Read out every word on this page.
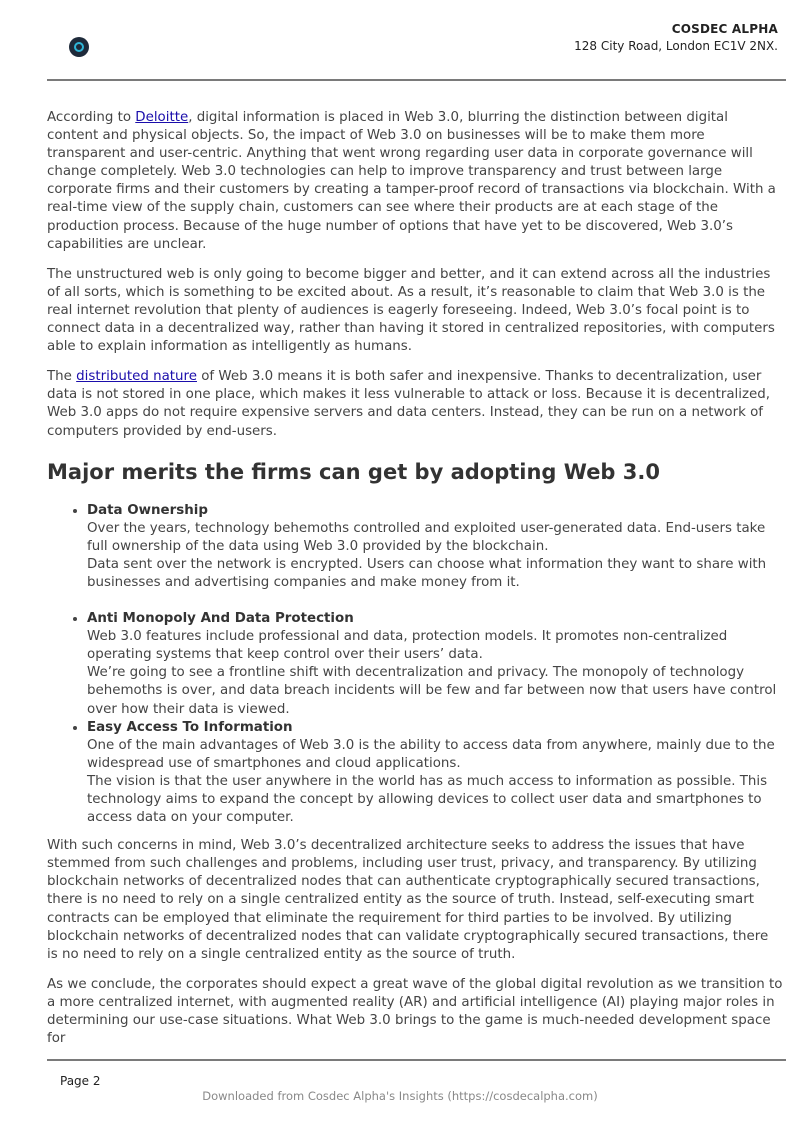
COSDEC ALPHA
128 City Road, London EC1V 2NX.

According to Deloitte, digital information is placed in Web 3.0, blurring the distinction between digital content and physical objects. So, the impact of Web 3.0 on businesses will be to make them more transparent and user-centric. Anything that went wrong regarding user data in corporate governance will change completely. Web 3.0 technologies can help to improve transparency and trust between large corporate firms and their customers by creating a tamper-proof record of transactions via blockchain. With a real-time view of the supply chain, customers can see where their products are at each stage of the production process. Because of the huge number of options that have yet to be discovered, Web 3.0’s capabilities are unclear.

The unstructured web is only going to become bigger and better, and it can extend across all the industries of all sorts, which is something to be excited about. As a result, it’s reasonable to claim that Web 3.0 is the real internet revolution that plenty of audiences is eagerly foreseeing. Indeed, Web 3.0’s focal point is to connect data in a decentralized way, rather than having it stored in centralized repositories, with computers able to explain information as intelligently as humans.

The distributed nature of Web 3.0 means it is both safer and inexpensive. Thanks to decentralization, user data is not stored in one place, which makes it less vulnerable to attack or loss. Because it is decentralized, Web 3.0 apps do not require expensive servers and data centers. Instead, they can be run on a network of computers provided by end-users.

Major merits the firms can get by adopting Web 3.0
• Data Ownership
Over the years, technology behemoths controlled and exploited user-generated data. End-users take full ownership of the data using Web 3.0 provided by the blockchain.
Data sent over the network is encrypted. Users can choose what information they want to share with businesses and advertising companies and make money from it.
• Anti Monopoly And Data Protection
Web 3.0 features include professional and data, protection models. It promotes non-centralized operating systems that keep control over their users’ data.
We’re going to see a frontline shift with decentralization and privacy. The monopoly of technology behemoths is over, and data breach incidents will be few and far between now that users have control over how their data is viewed.
• Easy Access To Information
One of the main advantages of Web 3.0 is the ability to access data from anywhere, mainly due to the widespread use of smartphones and cloud applications.
The vision is that the user anywhere in the world has as much access to information as possible. This technology aims to expand the concept by allowing devices to collect user data and smartphones to access data on your computer.

With such concerns in mind, Web 3.0’s decentralized architecture seeks to address the issues that have stemmed from such challenges and problems, including user trust, privacy, and transparency. By utilizing blockchain networks of decentralized nodes that can authenticate cryptographically secured transactions, there is no need to rely on a single centralized entity as the source of truth. Instead, self-executing smart contracts can be employed that eliminate the requirement for third parties to be involved. By utilizing blockchain networks of decentralized nodes that can validate cryptographically secured transactions, there is no need to rely on a single centralized entity as the source of truth.

As we conclude, the corporates should expect a great wave of the global digital revolution as we transition to a more centralized internet, with augmented reality (AR) and artificial intelligence (AI) playing major roles in determining our use-case situations. What Web 3.0 brings to the game is much-needed development space for

Page 2
Downloaded from Cosdec Alpha's Insights (https://cosdecalpha.com)
